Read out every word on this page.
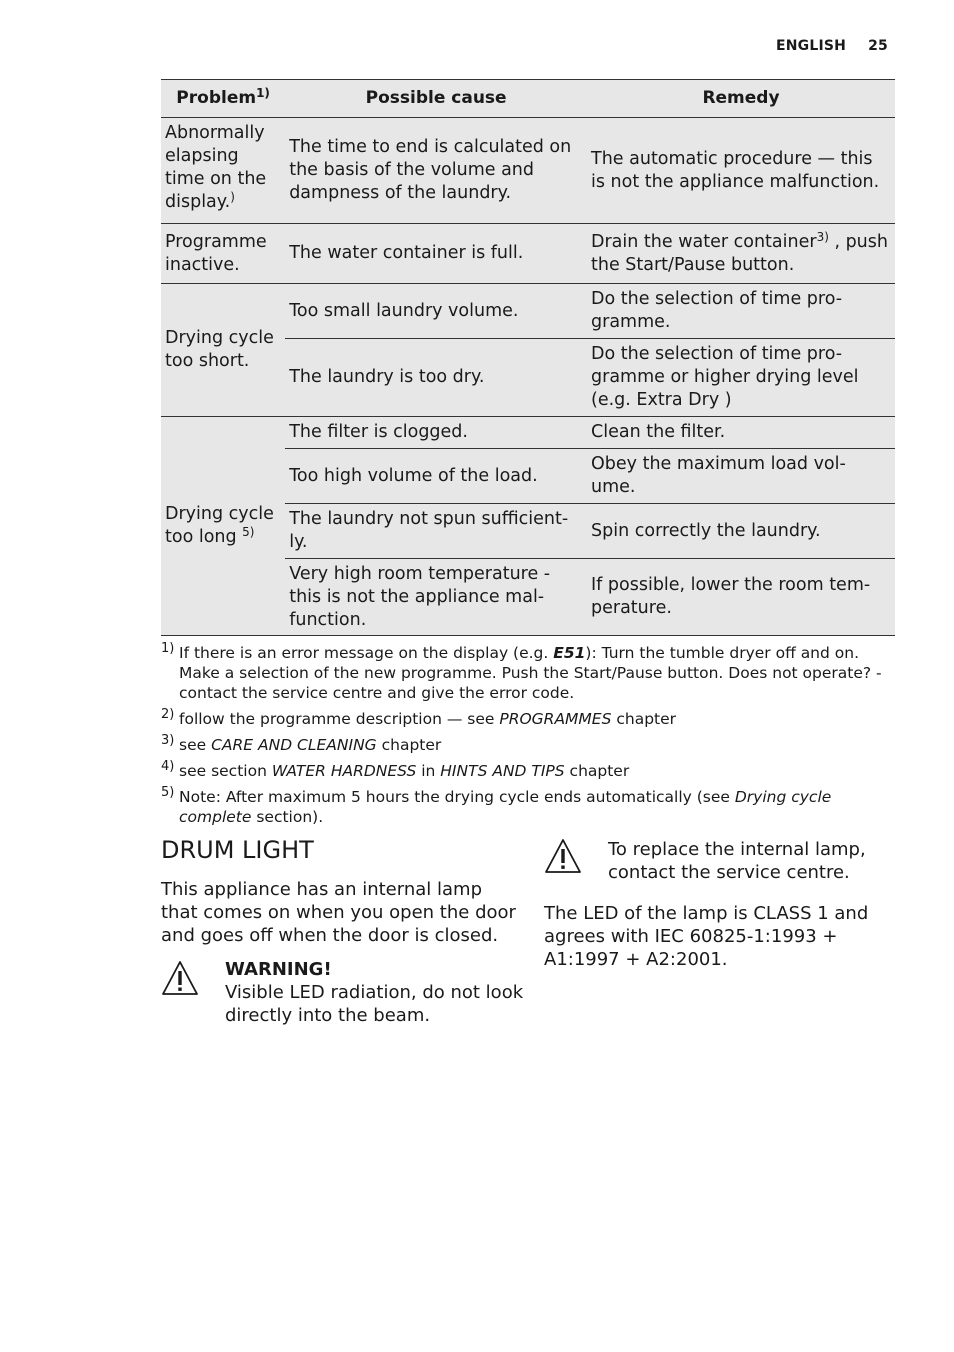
ENGLISH 25
Problem$^{1)}$	Possible cause	Remedy
Abnormally elapsing time on the display.)	The time to end is calculated on the basis of the volume and dampness of the laundry.	The automatic procedure — this is not the appliance malfunction.
Programme inactive.	The water container is full.	Drain the water container$^{3)}$ , push the Start/Pause button.
Drying cycle too short.	Too small laundry volume.	Do the selection of time pro-gramme.
	The laundry is too dry.	Do the selection of time pro-gramme or higher drying level (e.g. Extra Dry )
Drying cycle too long $^{5)}$	The filter is clogged.	Clean the filter.
	Too high volume of the load.	Obey the maximum load vol-ume.
	The laundry not spun sufficient-ly.	Spin correctly the laundry.
	Very high room temperature - this is not the appliance mal-function.	If possible, lower the room tem-perature.
1) If there is an error message on the display (e.g. E51): Turn the tumble dryer off and on. Make a selection of the new programme. Push the Start/Pause button. Does not operate? - contact the service centre and give the error code.
2) follow the programme description — see PROGRAMMES chapter
3) see CARE AND CLEANING chapter
4) see section WATER HARDNESS in HINTS AND TIPS chapter
5) Note: After maximum 5 hours the drying cycle ends automatically (see Drying cycle complete section).
DRUM LIGHT
This appliance has an internal lamp that comes on when you open the door and goes off when the door is closed.
WARNING!
Visible LED radiation, do not look directly into the beam.
To replace the internal lamp, contact the service centre.
The LED of the lamp is CLASS 1 and agrees with IEC 60825-1:1993 + A1:1997 + A2:2001.
